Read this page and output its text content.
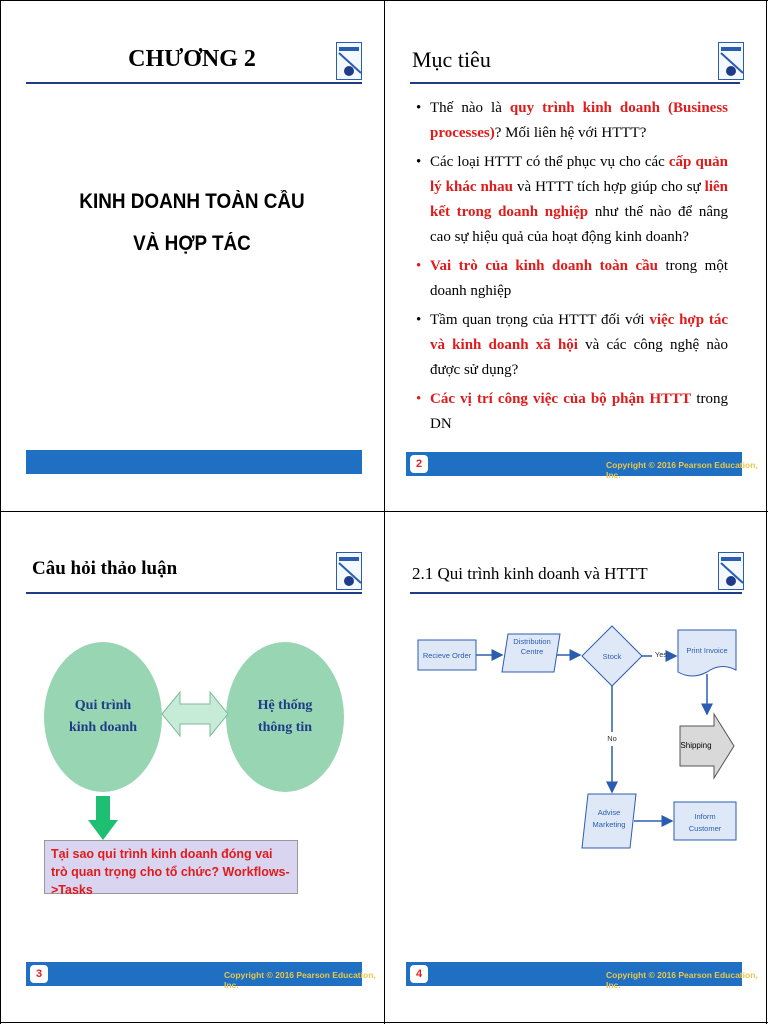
CHƯƠNG 2
KINH DOANH TOÀN CẦU
VÀ HỢP TÁC
Mục tiêu
• Thế nào là quy trình kinh doanh (Business processes)? Mối liên hệ với HTTT?
• Các loại HTTT có thể phục vụ cho các cấp quản lý khác nhau và HTTT tích hợp giúp cho sự liên kết trong doanh nghiệp như thế nào để nâng cao sự hiệu quả của hoạt động kinh doanh?
• Vai trò của kinh doanh toàn cầu trong một doanh nghiệp
• Tầm quan trọng của HTTT đối với việc hợp tác và kinh doanh xã hội và các công nghệ nào được sử dụng?
• Các vị trí công việc của bộ phận HTTT trong DN
2	Copyright © 2016 Pearson Education, Inc.
Câu hỏi thảo luận
Qui trình
kinh doanh
Hệ thống
thông tin
Tại sao qui trình kinh doanh đóng vai trò quan trọng cho tổ chức? Workflows->Tasks
3	Copyright © 2016 Pearson Education, Inc.
2.1 Qui trình kinh doanh và HTTT
Recieve Order
Distribution
Centre
Stock	Yes	Print Invoice
Shipping
No
Advise
Marketing
Inform
Customer
4	Copyright © 2016 Pearson Education, Inc.
